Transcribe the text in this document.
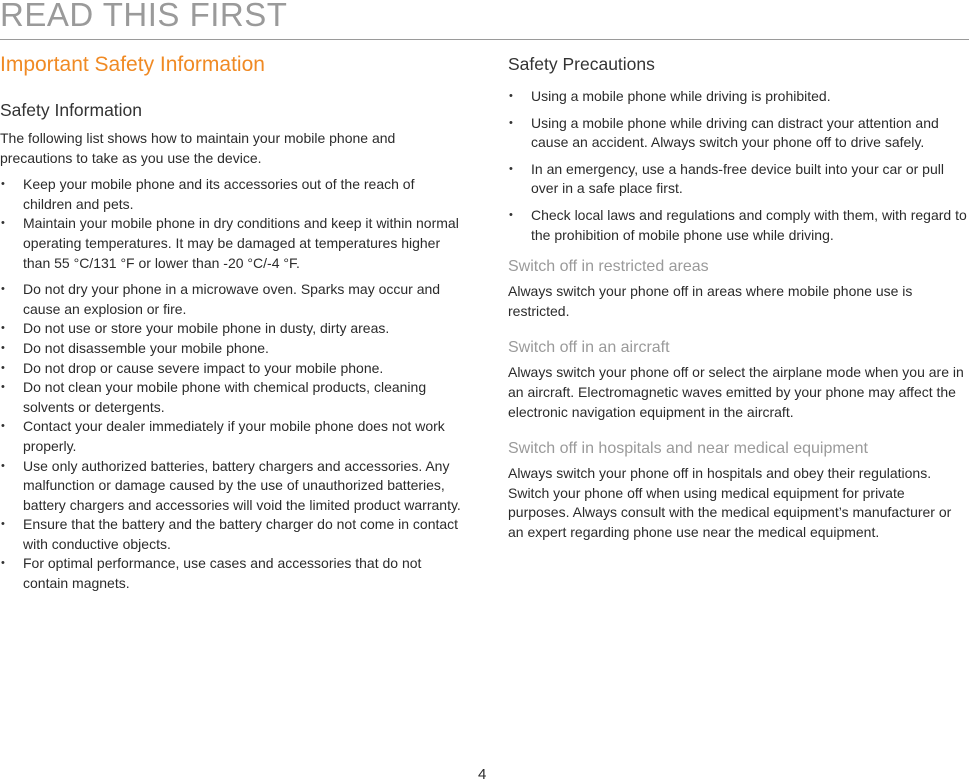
READ THIS FIRST
Important Safety Information
Safety Information

The following list shows how to maintain your mobile phone and precautions to take as you use the device.

• Keep your mobile phone and its accessories out of the reach of children and pets.
• Maintain your mobile phone in dry conditions and keep it within normal operating temperatures. It may be damaged at temperatures higher than 55 °C/131 °F or lower than -20 °C/-4 °F.
• Do not dry your phone in a microwave oven. Sparks may occur and cause an explosion or fire.
• Do not use or store your mobile phone in dusty, dirty areas.
• Do not disassemble your mobile phone.
• Do not drop or cause severe impact to your mobile phone.
• Do not clean your mobile phone with chemical products, cleaning solvents or detergents.
• Contact your dealer immediately if your mobile phone does not work properly.
• Use only authorized batteries, battery chargers and accessories. Any malfunction or damage caused by the use of unauthorized batteries, battery chargers and accessories will void the limited product warranty.
• Ensure that the battery and the battery charger do not come in contact with conductive objects.
• For optimal performance, use cases and accessories that do not contain magnets.
Safety Precautions
• Using a mobile phone while driving is prohibited.
• Using a mobile phone while driving can distract your attention and cause an accident. Always switch your phone off to drive safely.
• In an emergency, use a hands-free device built into your car or pull over in a safe place first.
• Check local laws and regulations and comply with them, with regard to the prohibition of mobile phone use while driving.
Switch off in restricted areas

Always switch your phone off in areas where mobile phone use is restricted.

Switch off in an aircraft

Always switch your phone off or select the airplane mode when you are in an aircraft. Electromagnetic waves emitted by your phone may affect the electronic navigation equipment in the aircraft.

Switch off in hospitals and near medical equipment

Always switch your phone off in hospitals and obey their regulations. Switch your phone off when using medical equipment for private purposes. Always consult with the medical equipment’s manufacturer or an expert regarding phone use near the medical equipment.

4
